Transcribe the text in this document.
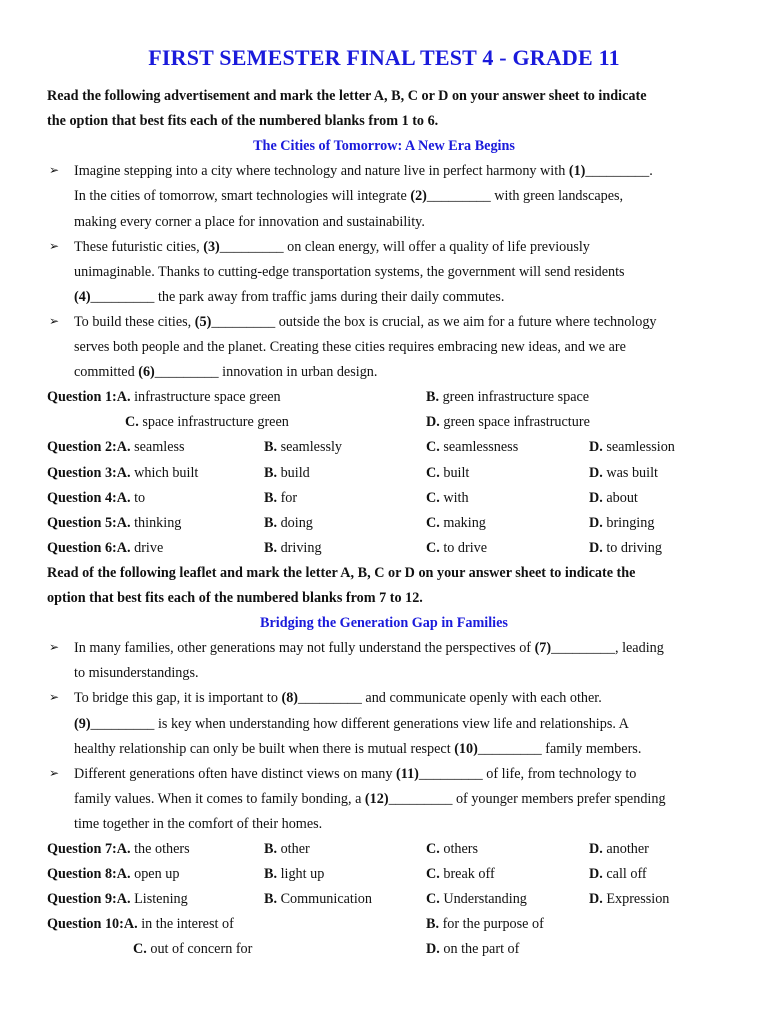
FIRST SEMESTER FINAL TEST 4 - GRADE 11
Read the following advertisement and mark the letter A, B, C or D on your answer sheet to indicate
the option that best fits each of the numbered blanks from 1 to 6.
The Cities of Tomorrow: A New Era Begins
➢ Imagine stepping into a city where technology and nature live in perfect harmony with (1)_________.
In the cities of tomorrow, smart technologies will integrate (2)_________ with green landscapes,
making every corner a place for innovation and sustainability.
➢ These futuristic cities, (3)_________ on clean energy, will offer a quality of life previously
unimaginable. Thanks to cutting-edge transportation systems, the government will send residents
(4)_________ the park away from traffic jams during their daily commutes.
➢ To build these cities, (5)_________ outside the box is crucial, as we aim for a future where technology
serves both people and the planet. Creating these cities requires embracing new ideas, and we are
committed (6)_________ innovation in urban design.
Question 1:A. infrastructure space green	B. green infrastructure space
C. space infrastructure green	D. green space infrastructure
Question 2:A. seamless	B. seamlessly	C. seamlessness	D. seamlession
Question 3:A. which built	B. build	C. built	D. was built
Question 4:A. to	B. for	C. with	D. about
Question 5:A. thinking	B. doing	C. making	D. bringing
Question 6:A. drive	B. driving	C. to drive	D. to driving
Read of the following leaflet and mark the letter A, B, C or D on your answer sheet to indicate the
option that best fits each of the numbered blanks from 7 to 12.
Bridging the Generation Gap in Families
➢ In many families, other generations may not fully understand the perspectives of (7)_________, leading
to misunderstandings.
➢ To bridge this gap, it is important to (8)_________ and communicate openly with each other.
(9)_________ is key when understanding how different generations view life and relationships. A
healthy relationship can only be built when there is mutual respect (10)_________ family members.
➢ Different generations often have distinct views on many (11)_________ of life, from technology to
family values. When it comes to family bonding, a (12)_________ of younger members prefer spending
time together in the comfort of their homes.
Question 7:A. the others	B. other	C. others	D. another
Question 8:A. open up	B. light up	C. break off	D. call off
Question 9:A. Listening	B. Communication	C. Understanding	D. Expression
Question 10:A. in the interest of	B. for the purpose of
C. out of concern for	D. on the part of
